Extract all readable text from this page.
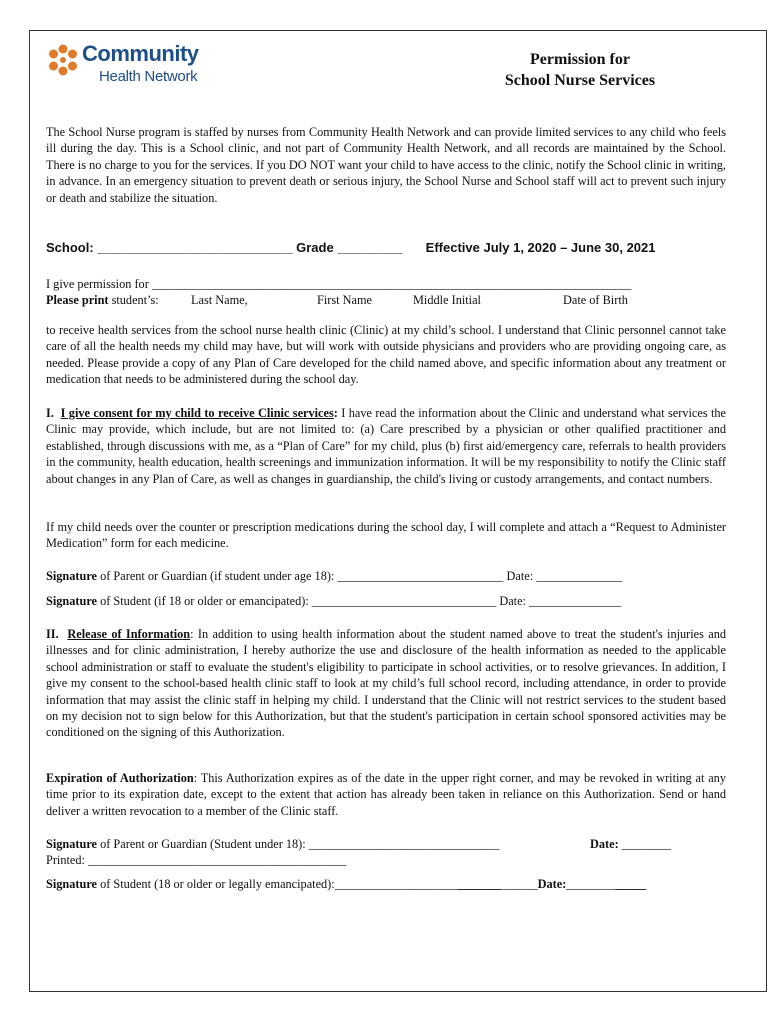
Community
Health Network
Permission for
School Nurse Services
The School Nurse program is staffed by nurses from Community Health Network and can provide limited services to any child who feels ill during the day. This is a School clinic, and not part of Community Health Network, and all records are maintained by the School. There is no charge to you for the services. If you DO NOT want your child to have access to the clinic, notify the School clinic in writing, in advance. In an emergency situation to prevent death or serious injury, the School Nurse and School staff will act to prevent such injury or death and stabilize the situation.
School: ___________________________ Grade _________ Effective July 1, 2020 – June 30, 2021
I give permission for ______________________________________________________________________________
Please print student’s:	Last Name,	First Name	Middle Initial	Date of Birth
to receive health services from the school nurse health clinic (Clinic) at my child’s school. I understand that Clinic personnel cannot take care of all the health needs my child may have, but will work with outside physicians and providers who are providing ongoing care, as needed. Please provide a copy of any Plan of Care developed for the child named above, and specific information about any treatment or medication that needs to be administered during the school day.
I. I give consent for my child to receive Clinic services: I have read the information about the Clinic and understand what services the Clinic may provide, which include, but are not limited to: (a) Care prescribed by a physician or other qualified practitioner and established, through discussions with me, as a “Plan of Care” for my child, plus (b) first aid/emergency care, referrals to health providers in the community, health education, health screenings and immunization information. It will be my responsibility to notify the Clinic staff about changes in any Plan of Care, as well as changes in guardianship, the child's living or custody arrangements, and contact numbers.
If my child needs over the counter or prescription medications during the school day, I will complete and attach a “Request to Administer Medication” form for each medicine.
Signature of Parent or Guardian (if student under age 18): ___________________________ Date: ______________
Signature of Student (if 18 or older or emancipated): ______________________________ Date: _______________
II. Release of Information: In addition to using health information about the student named above to treat the student's injuries and illnesses and for clinic administration, I hereby authorize the use and disclosure of the health information as needed to the applicable school administration or staff to evaluate the student's eligibility to participate in school activities, or to resolve grievances. In addition, I give my consent to the school-based health clinic staff to look at my child’s full school record, including attendance, in order to provide information that may assist the clinic staff in helping my child. I understand that the Clinic will not restrict services to the student based on my decision not to sign below for this Authorization, but that the student's participation in certain school sponsored activities may be conditioned on the signing of this Authorization.
Expiration of Authorization: This Authorization expires as of the date in the upper right corner, and may be revoked in writing at any time prior to its expiration date, except to the extent that action has already been taken in reliance on this Authorization. Send or hand deliver a written revocation to a member of the Clinic staff.
Signature of Parent or Guardian (Student under 18): _______________________________	Date: ________
Printed: __________________________________________
Signature of Student (18 or older or legally emancipated):_________________________________Date:_____________
